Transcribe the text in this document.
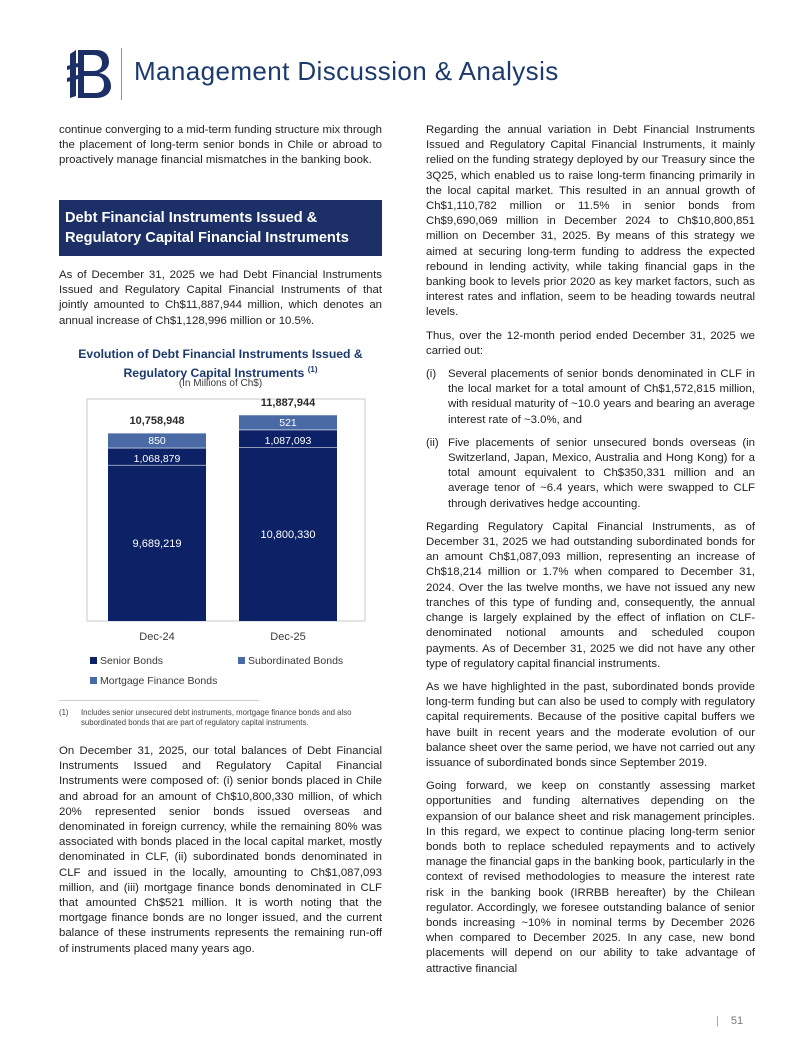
Management Discussion & Analysis

continue converging to a mid-term funding structure mix through the placement of long-term senior bonds in Chile or abroad to proactively manage financial mismatches in the banking book.

Debt Financial Instruments Issued &
Regulatory Capital Financial Instruments

As of December 31, 2025 we had Debt Financial Instruments Issued and Regulatory Capital Financial Instruments of that jointly amounted to Ch$11,887,944 million, which denotes an annual increase of Ch$1,128,996 million or 10.5%.

Evolution of Debt Financial Instruments Issued &
Regulatory Capital Instruments $^{(1)}$
(In Millions of Ch$)
9,689,219
1,068,879
850
10,758,948
Dec-24
10,800,330
1,087,093
521
11,887,944
Dec-25
Senior Bonds	Subordinated Bonds
Mortgage Finance Bonds
(1)	Includes senior unsecured debt instruments, mortgage finance bonds and also subordinated bonds that are part of regulatory capital instruments.

On December 31, 2025, our total balances of Debt Financial Instruments Issued and Regulatory Capital Financial Instruments were composed of: (i) senior bonds placed in Chile and abroad for an amount of Ch$10,800,330 million, of which 20% represented senior bonds issued overseas and denominated in foreign currency, while the remaining 80% was associated with bonds placed in the local capital market, mostly denominated in CLF, (ii) subordinated bonds denominated in CLF and issued in the locally, amounting to Ch$1,087,093 million, and (iii) mortgage finance bonds denominated in CLF that amounted Ch$521 million. It is worth noting that the mortgage finance bonds are no longer issued, and the current balance of these instruments represents the remaining run-off of instruments placed many years ago.

Regarding the annual variation in Debt Financial Instruments Issued and Regulatory Capital Financial Instruments, it mainly relied on the funding strategy deployed by our Treasury since the 3Q25, which enabled us to raise long-term financing primarily in the local capital market. This resulted in an annual growth of Ch$1,110,782 million or 11.5% in senior bonds from Ch$9,690,069 million in December 2024 to Ch$10,800,851 million on December 31, 2025. By means of this strategy we aimed at securing long-term funding to address the expected rebound in lending activity, while taking financial gaps in the banking book to levels prior 2020 as key market factors, such as interest rates and inflation, seem to be heading towards neutral levels.

Thus, over the 12-month period ended December 31, 2025 we carried out:

(i)	Several placements of senior bonds denominated in CLF in the local market for a total amount of Ch$1,572,815 million, with residual maturity of ~10.0 years and bearing an average interest rate of ~3.0%, and
(ii) Five placements of senior unsecured bonds overseas (in Switzerland, Japan, Mexico, Australia and Hong Kong) for a total amount equivalent to Ch$350,331 million and an average tenor of ~6.4 years, which were swapped to CLF through derivatives hedge accounting.

Regarding Regulatory Capital Financial Instruments, as of December 31, 2025 we had outstanding subordinated bonds for an amount Ch$1,087,093 million, representing an increase of Ch$18,214 million or 1.7% when compared to December 31, 2024. Over the las twelve months, we have not issued any new tranches of this type of funding and, consequently, the annual change is largely explained by the effect of inflation on CLF-denominated notional amounts and scheduled coupon payments. As of December 31, 2025 we did not have any other type of regulatory capital financial instruments.

As we have highlighted in the past, subordinated bonds provide long-term funding but can also be used to comply with regulatory capital requirements. Because of the positive capital buffers we have built in recent years and the moderate evolution of our balance sheet over the same period, we have not carried out any issuance of subordinated bonds since September 2019.

Going forward, we keep on constantly assessing market opportunities and funding alternatives depending on the expansion of our balance sheet and risk management principles. In this regard, we expect to continue placing long-term senior bonds both to replace scheduled repayments and to actively manage the financial gaps in the banking book, particularly in the context of revised methodologies to measure the interest rate risk in the banking book (IRRBB hereafter) by the Chilean regulator. Accordingly, we foresee outstanding balance of senior bonds increasing ~10% in nominal terms by December 2026 when compared to December 2025. In any case, new bond placements will depend on our ability to take advantage of attractive financial

| 51
